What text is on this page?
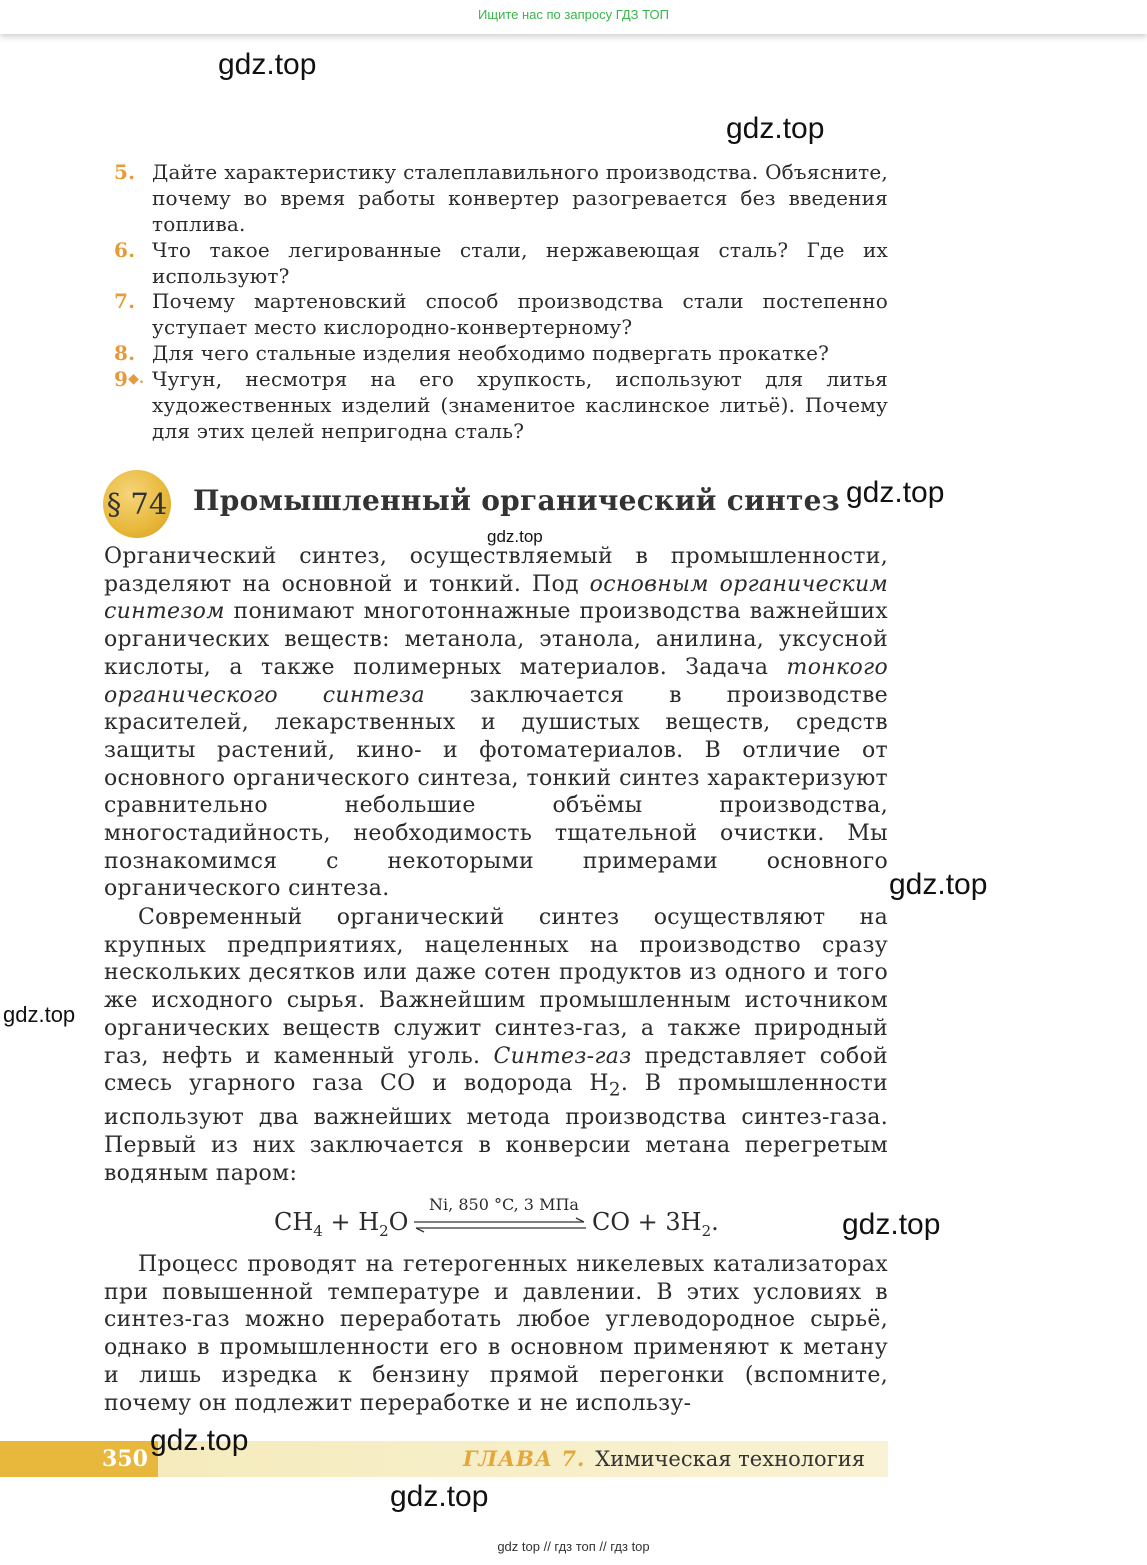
Ищите нас по запросу ГДЗ ТОП
gdz.top
gdz.top
gdz.top
gdz.top
gdz.top
gdz.top
gdz.top
5. Дайте характеристику сталеплавильного производства. Объясните, почему во время работы конвертер разогревается без введения топлива.
6. Что такое легированные стали, нержавеющая сталь? Где их используют?
7. Почему мартеновский способ производства стали постепенно уступает место кислородно-конвертерному?
8. Для чего стальные изделия необходимо подвергать прокатке?
9◆. Чугун, несмотря на его хрупкость, используют для литья художественных изделий (знаменитое каслинское литьё). Почему для этих целей непригодна сталь?
§ 74 Промышленный органический синтез

Органический синтез, осуществляемый в промышленности, разделяют на основной и тонкий. Под основным органическим синтезом понимают многотоннажные производства важнейших органических веществ: метанола, этанола, анилина, уксусной кислоты, а также полимерных материалов. Задача тонкого органического синтеза заключается в производстве красителей, лекарственных и душистых веществ, средств защиты растений, кино- и фотоматериалов. В отличие от основного органического синтеза, тонкий синтез характеризуют сравнительно небольшие объёмы производства, многостадийность, необходимость тщательной очистки. Мы познакомимся с некоторыми примерами основного органического синтеза.

Современный органический синтез осуществляют на крупных предприятиях, нацеленных на производство сразу нескольких десятков или даже сотен продуктов из одного и того же исходного сырья. Важнейшим промышленным источником органических веществ служит синтез-газ, а также природный газ, нефть и каменный уголь. Синтез-газ представляет собой смесь угарного газа CO и водорода $H_2$. В промышленности используют два важнейших метода производства синтез-газа. Первый из них заключается в конверсии метана перегретым водяным паром:

$CH_4 + H_2O$
Ni, 850 °C, 3 МПа
CO + $3H_2$.

Процесс проводят на гетерогенных никелевых катализаторах при повышенной температуре и давлении. В этих условиях в синтез-газ можно переработать любое углеводородное сырьё, однако в промышленности его в основном применяют к метану и лишь изредка к бензину прямой перегонки (вспомните, почему он подлежит переработке и не использу-

350	ГЛАВА 7. Химическая технология
gdz.top
gdz.top
gdz top // гдз топ // гдз top
